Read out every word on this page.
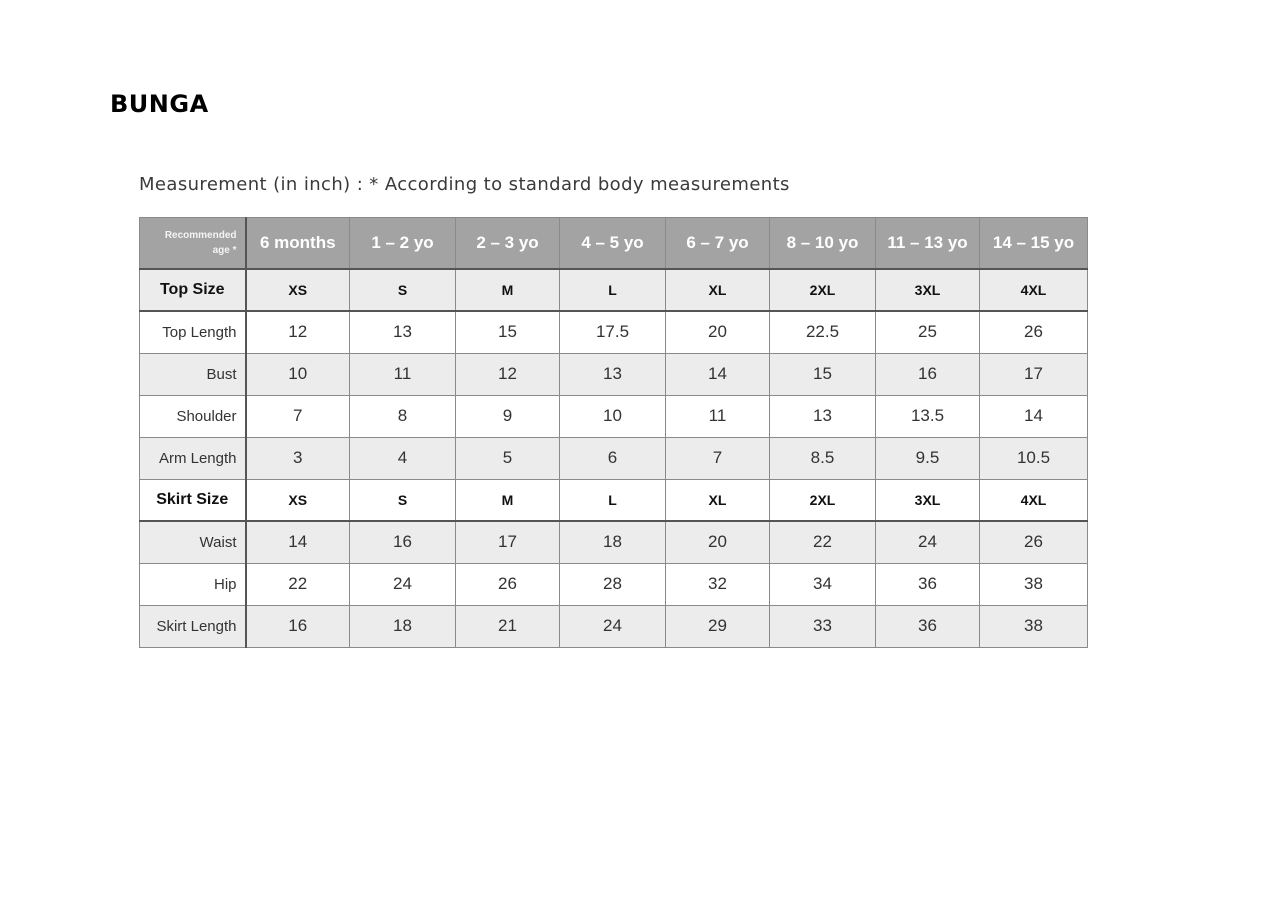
BUNGA
Measurement (in inch) : * According to standard body measurements
Recommended
age *	6 months	1 – 2 yo	2 – 3 yo	4 – 5 yo	6 – 7 yo	8 – 10 yo	11 – 13 yo	14 – 15 yo
Top Size	XS	S	M	L	XL	2XL	3XL	4XL
Top Length	12	13	15	17.5	20	22.5	25	26
Bust	10	11	12	13	14	15	16	17
Shoulder	7	8	9	10	11	13	13.5	14
Arm Length	3	4	5	6	7	8.5	9.5	10.5
Skirt Size	XS	S	M	L	XL	2XL	3XL	4XL
Waist	14	16	17	18	20	22	24	26
Hip	22	24	26	28	32	34	36	38
Skirt Length	16	18	21	24	29	33	36	38
